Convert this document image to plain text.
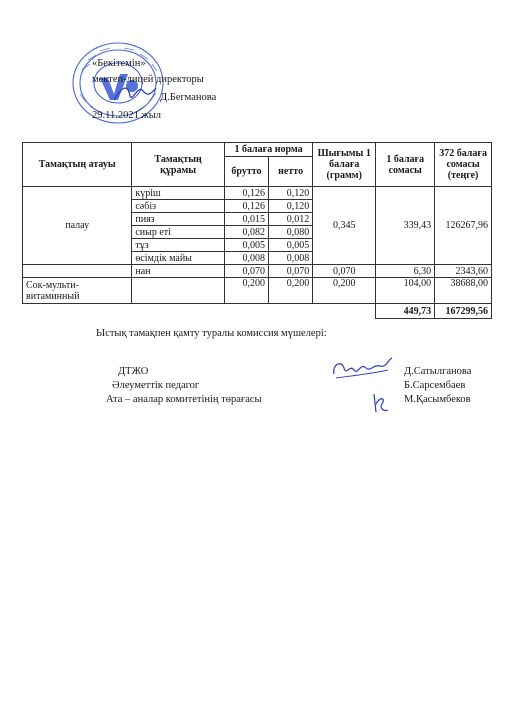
«Бекітемін»
мектеп-лицей директоры
Д.Бегманова
29.11.2021 жыл
Тамақтың атауы	Тамақтың құрамы	1 балаға норма		Шығымы 1 балаға (грамм)	1 балаға сомасы	372 балаға сомасы (теңге)
		брутто	нетто			
палау	күріш	0,126	0,120	0,345	339,43	126267,96
	сәбіз	0,126	0,120			
	пияз	0,015	0,012			
	сиыр еті	0,082	0,080			
	тұз	0,005	0,005			
	өсімдік майы	0,008	0,008			
	нан	0,070	0,070	0,070	6,30	2343,60
Сок-мульти-витаминный		0,200	0,200	0,200	104,00	38688,00
					449,73	167299,56
Ыстық тамақпен қамту туралы комиссия мүшелері:
ДТЖО	Д.Сатылганова
Әлеуметтік педагог	Б.Сарсембаев
Ата – аналар комитетінің төрағасы	М.Қасымбеков
